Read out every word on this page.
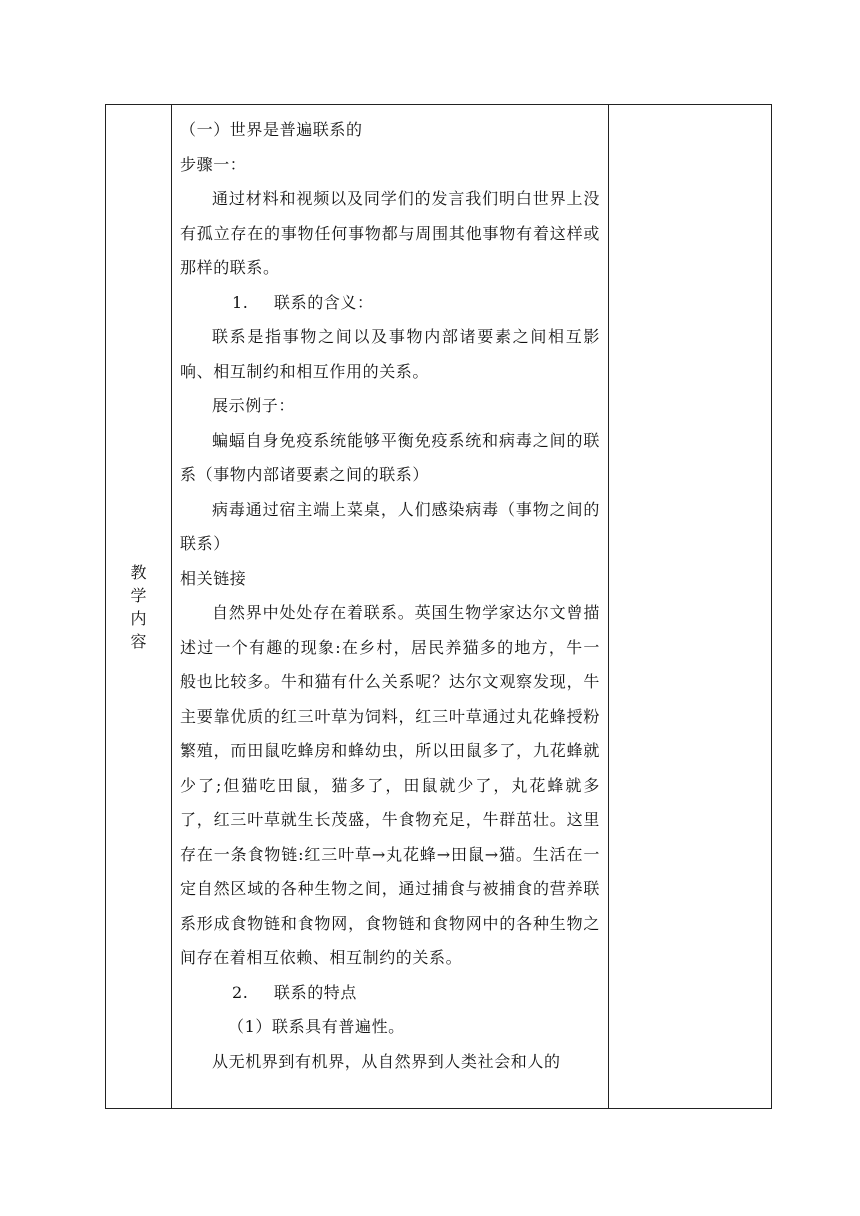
教学内容	

（一）世界是普遍联系的

步骤一：

通过材料和视频以及同学们的发言我们明白世界上没有孤立存在的事物任何事物都与周围其他事物有着这样或那样的联系。

1. 联系的含义：

联系是指事物之间以及事物内部诸要素之间相互影响、相互制约和相互作用的关系。

展示例子：

蝙蝠自身免疫系统能够平衡免疫系统和病毒之间的联系（事物内部诸要素之间的联系）

病毒通过宿主端上菜桌，人们感染病毒（事物之间的联系）

相关链接

自然界中处处存在着联系。英国生物学家达尔文曾描述过一个有趣的现象:在乡村，居民养猫多的地方，牛一般也比较多。牛和猫有什么关系呢？达尔文观察发现，牛主要靠优质的红三叶草为饲料，红三叶草通过丸花蜂授粉繁殖，而田鼠吃蜂房和蜂幼虫，所以田鼠多了，九花蜂就少了;但猫吃田鼠，猫多了，田鼠就少了，丸花蜂就多了，红三叶草就生长茂盛，牛食物充足，牛群茁壮。这里存在一条食物链:红三叶草→丸花蜂→田鼠→猫。生活在一定自然区域的各种生物之间，通过捕食与被捕食的营养联系形成食物链和食物网，食物链和食物网中的各种生物之间存在着相互依赖、相互制约的关系。

2. 联系的特点

（1）联系具有普遍性。

从无机界到有机界，从自然界到人类社会和人的
